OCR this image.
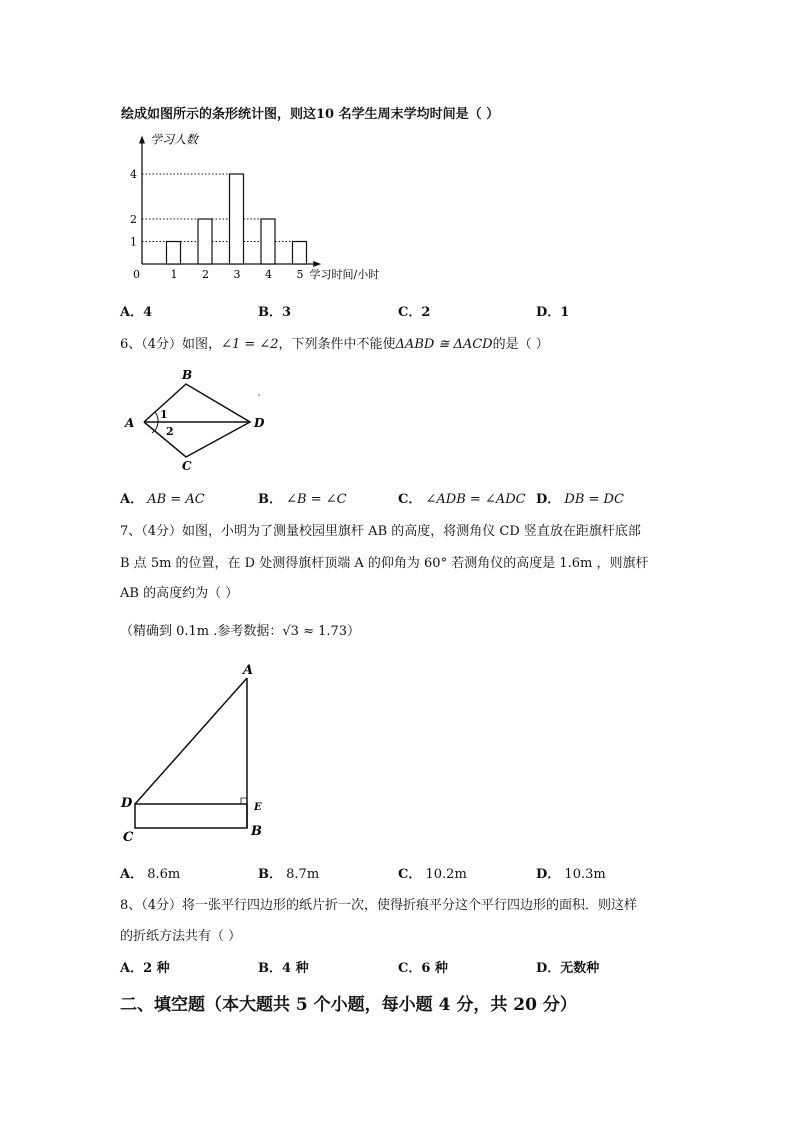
绘成如图所示的条形统计图，则这10 名学生周末学均时间是（ ）
学习人数
学习时间/小时
0
1
2
4
1 2 3 4 5
A．4	B．3	C．2	D．1
6、（4分）如图，∠1 = ∠2，下列条件中不能使ΔABD ≅ ΔACD的是（ ）
B
A	D
C
1
2
A． AB = AC	B． ∠B = ∠C	C． ∠ADB = ∠ADC D． DB = DC
7、（4分）如图，小明为了测量校园里旗杆 AB 的高度，将测角仪 CD 竖直放在距旗杆底部
B 点 5m 的位置，在 D 处测得旗杆顶端 A 的仰角为 60° 若测角仪的高度是 1.6m ，则旗杆
AB 的高度约为（ ）
（精确到 0.1m .参考数据：√3 ≈ 1.73）
A
D	E
C	B
A． 8.6m	B． 8.7m	C． 10.2m	D． 10.3m
8、（4分）将一张平行四边形的纸片折一次，使得折痕平分这个平行四边形的面积．则这样
的折纸方法共有（ ）
A．2 种	B．4 种	C．6 种	D．无数种
二、填空题（本大题共 5 个小题，每小题 4 分，共 20 分）
